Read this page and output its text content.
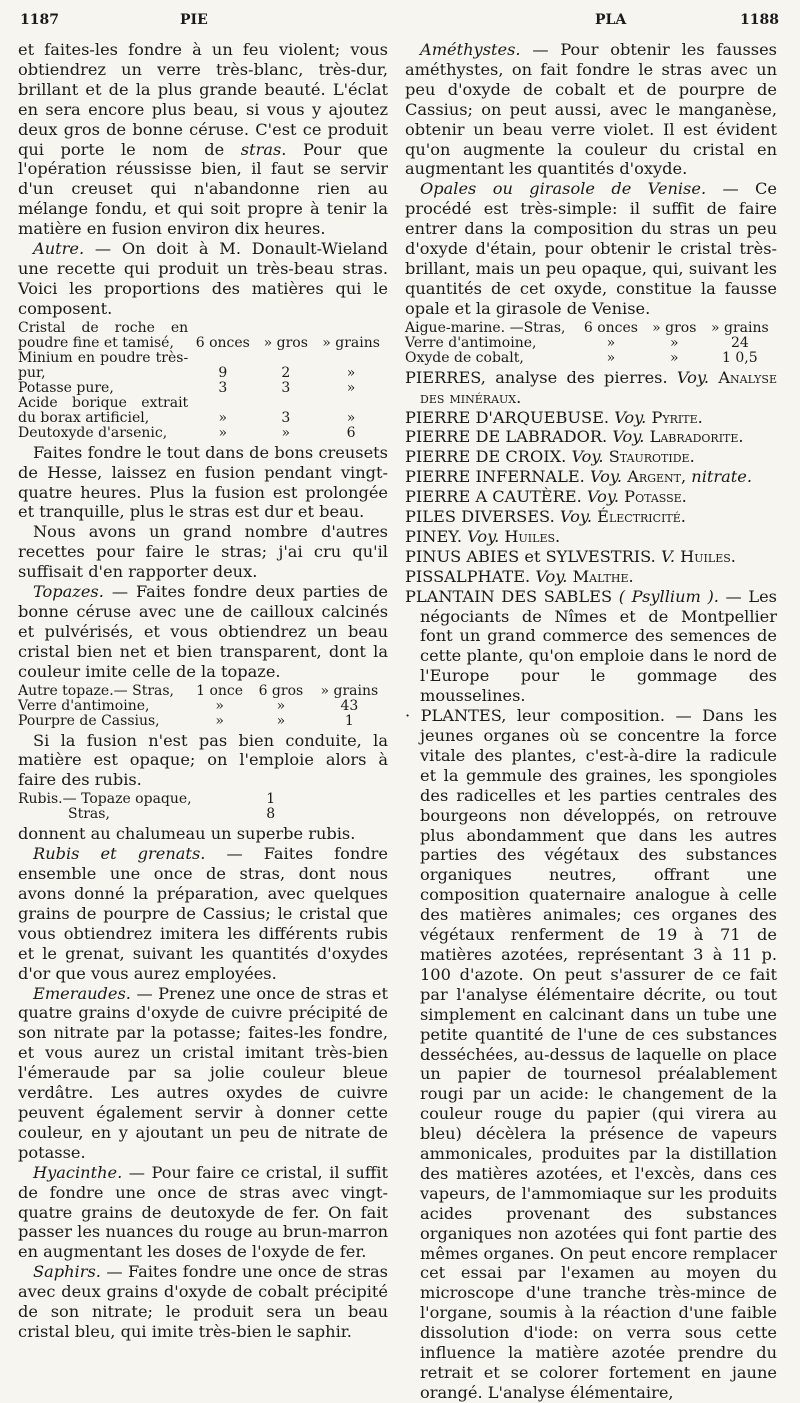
1187	PIE	PLA	1188

et faites-les fondre à un feu violent; vous obtiendrez un verre très-blanc, très-dur, brillant et de la plus grande beauté. L'éclat en sera encore plus beau, si vous y ajoutez deux gros de bonne céruse. C'est ce produit qui porte le nom de stras. Pour que l'opération réussisse bien, il faut se servir d'un creuset qui n'abandonne rien au mélange fondu, et qui soit propre à tenir la matière en fusion environ dix heures.

Autre. — On doit à M. Donault-Wieland une recette qui produit un très-beau stras. Voici les proportions des matières qui le composent.

Cristal de roche en poudre fine et tamisé,	6 onces	» gros	» grains
Minium en poudre très-pur,	9	2	»
Potasse pure,	3	3	»
Acide borique extrait du borax artificiel,	»	3	»
Deutoxyde d'arsenic,	»	»	6

Faites fondre le tout dans de bons creusets de Hesse, laissez en fusion pendant vingt-quatre heures. Plus la fusion est prolongée et tranquille, plus le stras est dur et beau.

Nous avons un grand nombre d'autres recettes pour faire le stras; j'ai cru qu'il suffisait d'en rapporter deux.

Topazes. — Faites fondre deux parties de bonne céruse avec une de cailloux calcinés et pulvérisés, et vous obtiendrez un beau cristal bien net et bien transparent, dont la couleur imite celle de la topaze.

Autre topaze.— Stras,	1 once	6 gros	» grains
Verre d'antimoine,	»	»	43
Pourpre de Cassius,	»	»	1

Si la fusion n'est pas bien conduite, la matière est opaque; on l'emploie alors à faire des rubis.

Rubis.— Topaze opaque,	1
Stras,	8

donnent au chalumeau un superbe rubis.

Rubis et grenats. — Faites fondre ensemble une once de stras, dont nous avons donné la préparation, avec quelques grains de pourpre de Cassius; le cristal que vous obtiendrez imitera les différents rubis et le grenat, suivant les quantités d'oxydes d'or que vous aurez employées.

Emeraudes. — Prenez une once de stras et quatre grains d'oxyde de cuivre précipité de son nitrate par la potasse; faites-les fondre, et vous aurez un cristal imitant très-bien l'émeraude par sa jolie couleur bleue verdâtre. Les autres oxydes de cuivre peuvent également servir à donner cette couleur, en y ajoutant un peu de nitrate de potasse.

Hyacinthe. — Pour faire ce cristal, il suffit de fondre une once de stras avec vingt-quatre grains de deutoxyde de fer. On fait passer les nuances du rouge au brun-marron en augmentant les doses de l'oxyde de fer.

Saphirs. — Faites fondre une once de stras avec deux grains d'oxyde de cobalt précipité de son nitrate; le produit sera un beau cristal bleu, qui imite très-bien le saphir.

Améthystes. — Pour obtenir les fausses améthystes, on fait fondre le stras avec un peu d'oxyde de cobalt et de pourpre de Cassius; on peut aussi, avec le manganèse, obtenir un beau verre violet. Il est évident qu'on augmente la couleur du cristal en augmentant les quantités d'oxyde.

Opales ou girasole de Venise. — Ce procédé est très-simple: il suffit de faire entrer dans la composition du stras un peu d'oxyde d'étain, pour obtenir le cristal très-brillant, mais un peu opaque, qui, suivant les quantités de cet oxyde, constitue la fausse opale et la girasole de Venise.

Aigue-marine. —Stras,	6 onces	» gros	» grains
Verre d'antimoine,	»	»	24
Oxyde de cobalt,	»	»	1 0,5

PIERRES, analyse des pierres. Voy. Analyse des minéraux.

PIERRE D'ARQUEBUSE. Voy. Pyrite.

PIERRE DE LABRADOR. Voy. Labradorite.

PIERRE DE CROIX. Voy. Staurotide.

PIERRE INFERNALE. Voy. Argent, nitrate.

PIERRE A CAUTÈRE. Voy. Potasse.

PILES DIVERSES. Voy. Électricité.

PINEY. Voy. Huiles.

PINUS ABIES et SYLVESTRIS. V. Huiles.

PISSALPHATE. Voy. Malthe.

PLANTAIN DES SABLES ( Psyllium ). — Les négociants de Nîmes et de Montpellier font un grand commerce des semences de cette plante, qu'on emploie dans le nord de l'Europe pour le gommage des mousselines.

· PLANTES, leur composition. — Dans les jeunes organes où se concentre la force vitale des plantes, c'est-à-dire la radicule et la gemmule des graines, les spongioles des radicelles et les parties centrales des bourgeons non développés, on retrouve plus abondamment que dans les autres parties des végétaux des substances organiques neutres, offrant une composition quaternaire analogue à celle des matières animales; ces organes des végétaux renferment de 19 à 71 de matières azotées, représentant 3 à 11 p. 100 d'azote. On peut s'assurer de ce fait par l'analyse élémentaire décrite, ou tout simplement en calcinant dans un tube une petite quantité de l'une de ces substances desséchées, au-dessus de laquelle on place un papier de tournesol préalablement rougi par un acide: le changement de la couleur rouge du papier (qui virera au bleu) décèlera la présence de vapeurs ammonicales, produites par la distillation des matières azotées, et l'excès, dans ces vapeurs, de l'ammomiaque sur les produits acides provenant des substances organiques non azotées qui font partie des mêmes organes. On peut encore remplacer cet essai par l'examen au moyen du microscope d'une tranche très-mince de l'organe, soumis à la réaction d'une faible dissolution d'iode: on verra sous cette influence la matière azotée prendre du retrait et se colorer fortement en jaune orangé. L'analyse élémentaire,
